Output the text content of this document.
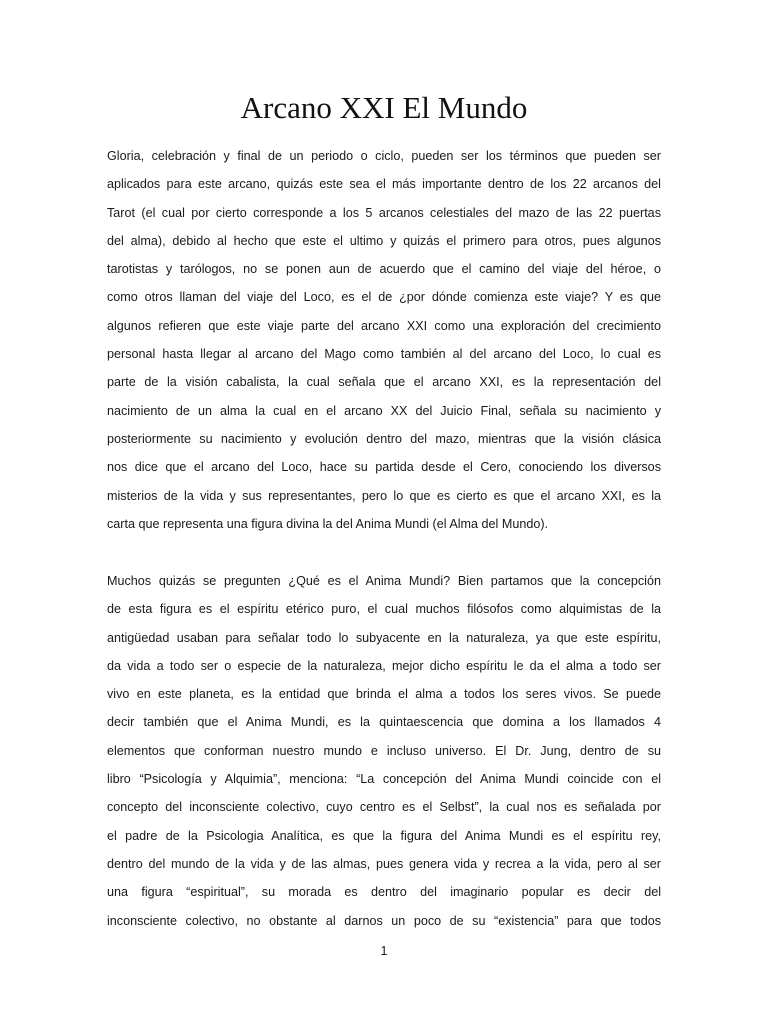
Arcano XXI El Mundo
Gloria, celebración y final de un periodo o ciclo, pueden ser los términos que pueden ser
aplicados para este arcano, quizás este sea el más importante dentro de los 22 arcanos del
Tarot (el cual por cierto corresponde a los 5 arcanos celestiales del mazo de las 22 puertas
del alma), debido al hecho que este el ultimo y quizás el primero para otros, pues algunos
tarotistas y tarólogos, no se ponen aun de acuerdo que el camino del viaje del héroe, o
como otros llaman del viaje del Loco, es el de ¿por dónde comienza este viaje? Y es que
algunos refieren que este viaje parte del arcano XXI como una exploración del crecimiento
personal hasta llegar al arcano del Mago como también al del arcano del Loco, lo cual es
parte de la visión cabalista, la cual señala que el arcano XXI, es la representación del
nacimiento de un alma la cual en el arcano XX del Juicio Final, señala su nacimiento y
posteriormente su nacimiento y evolución dentro del mazo, mientras que la visión clásica
nos dice que el arcano del Loco, hace su partida desde el Cero, conociendo los diversos
misterios de la vida y sus representantes, pero lo que es cierto es que el arcano XXI, es la
carta que representa una figura divina la del Anima Mundi (el Alma del Mundo).
Muchos quizás se pregunten ¿Qué es el Anima Mundi? Bien partamos que la concepción
de esta figura es el espíritu etérico puro, el cual muchos filósofos como alquimistas de la
antigüedad usaban para señalar todo lo subyacente en la naturaleza, ya que este espíritu,
da vida a todo ser o especie de la naturaleza, mejor dicho espíritu le da el alma a todo ser
vivo en este planeta, es la entidad que brinda el alma a todos los seres vivos. Se puede
decir también que el Anima Mundi, es la quintaescencia que domina a los llamados 4
elementos que conforman nuestro mundo e incluso universo. El Dr. Jung, dentro de su
libro “Psicología y Alquimia”, menciona: “La concepción del Anima Mundi coincide con el
concepto del inconsciente colectivo, cuyo centro es el Selbst”, la cual nos es señalada por
el padre de la Psicologia Analítica, es que la figura del Anima Mundi es el espíritu rey,
dentro del mundo de la vida y de las almas, pues genera vida y recrea a la vida, pero al ser
una figura “espiritual”, su morada es dentro del imaginario popular es decir del
inconsciente colectivo, no obstante al darnos un poco de su “existencia” para que todos
1
